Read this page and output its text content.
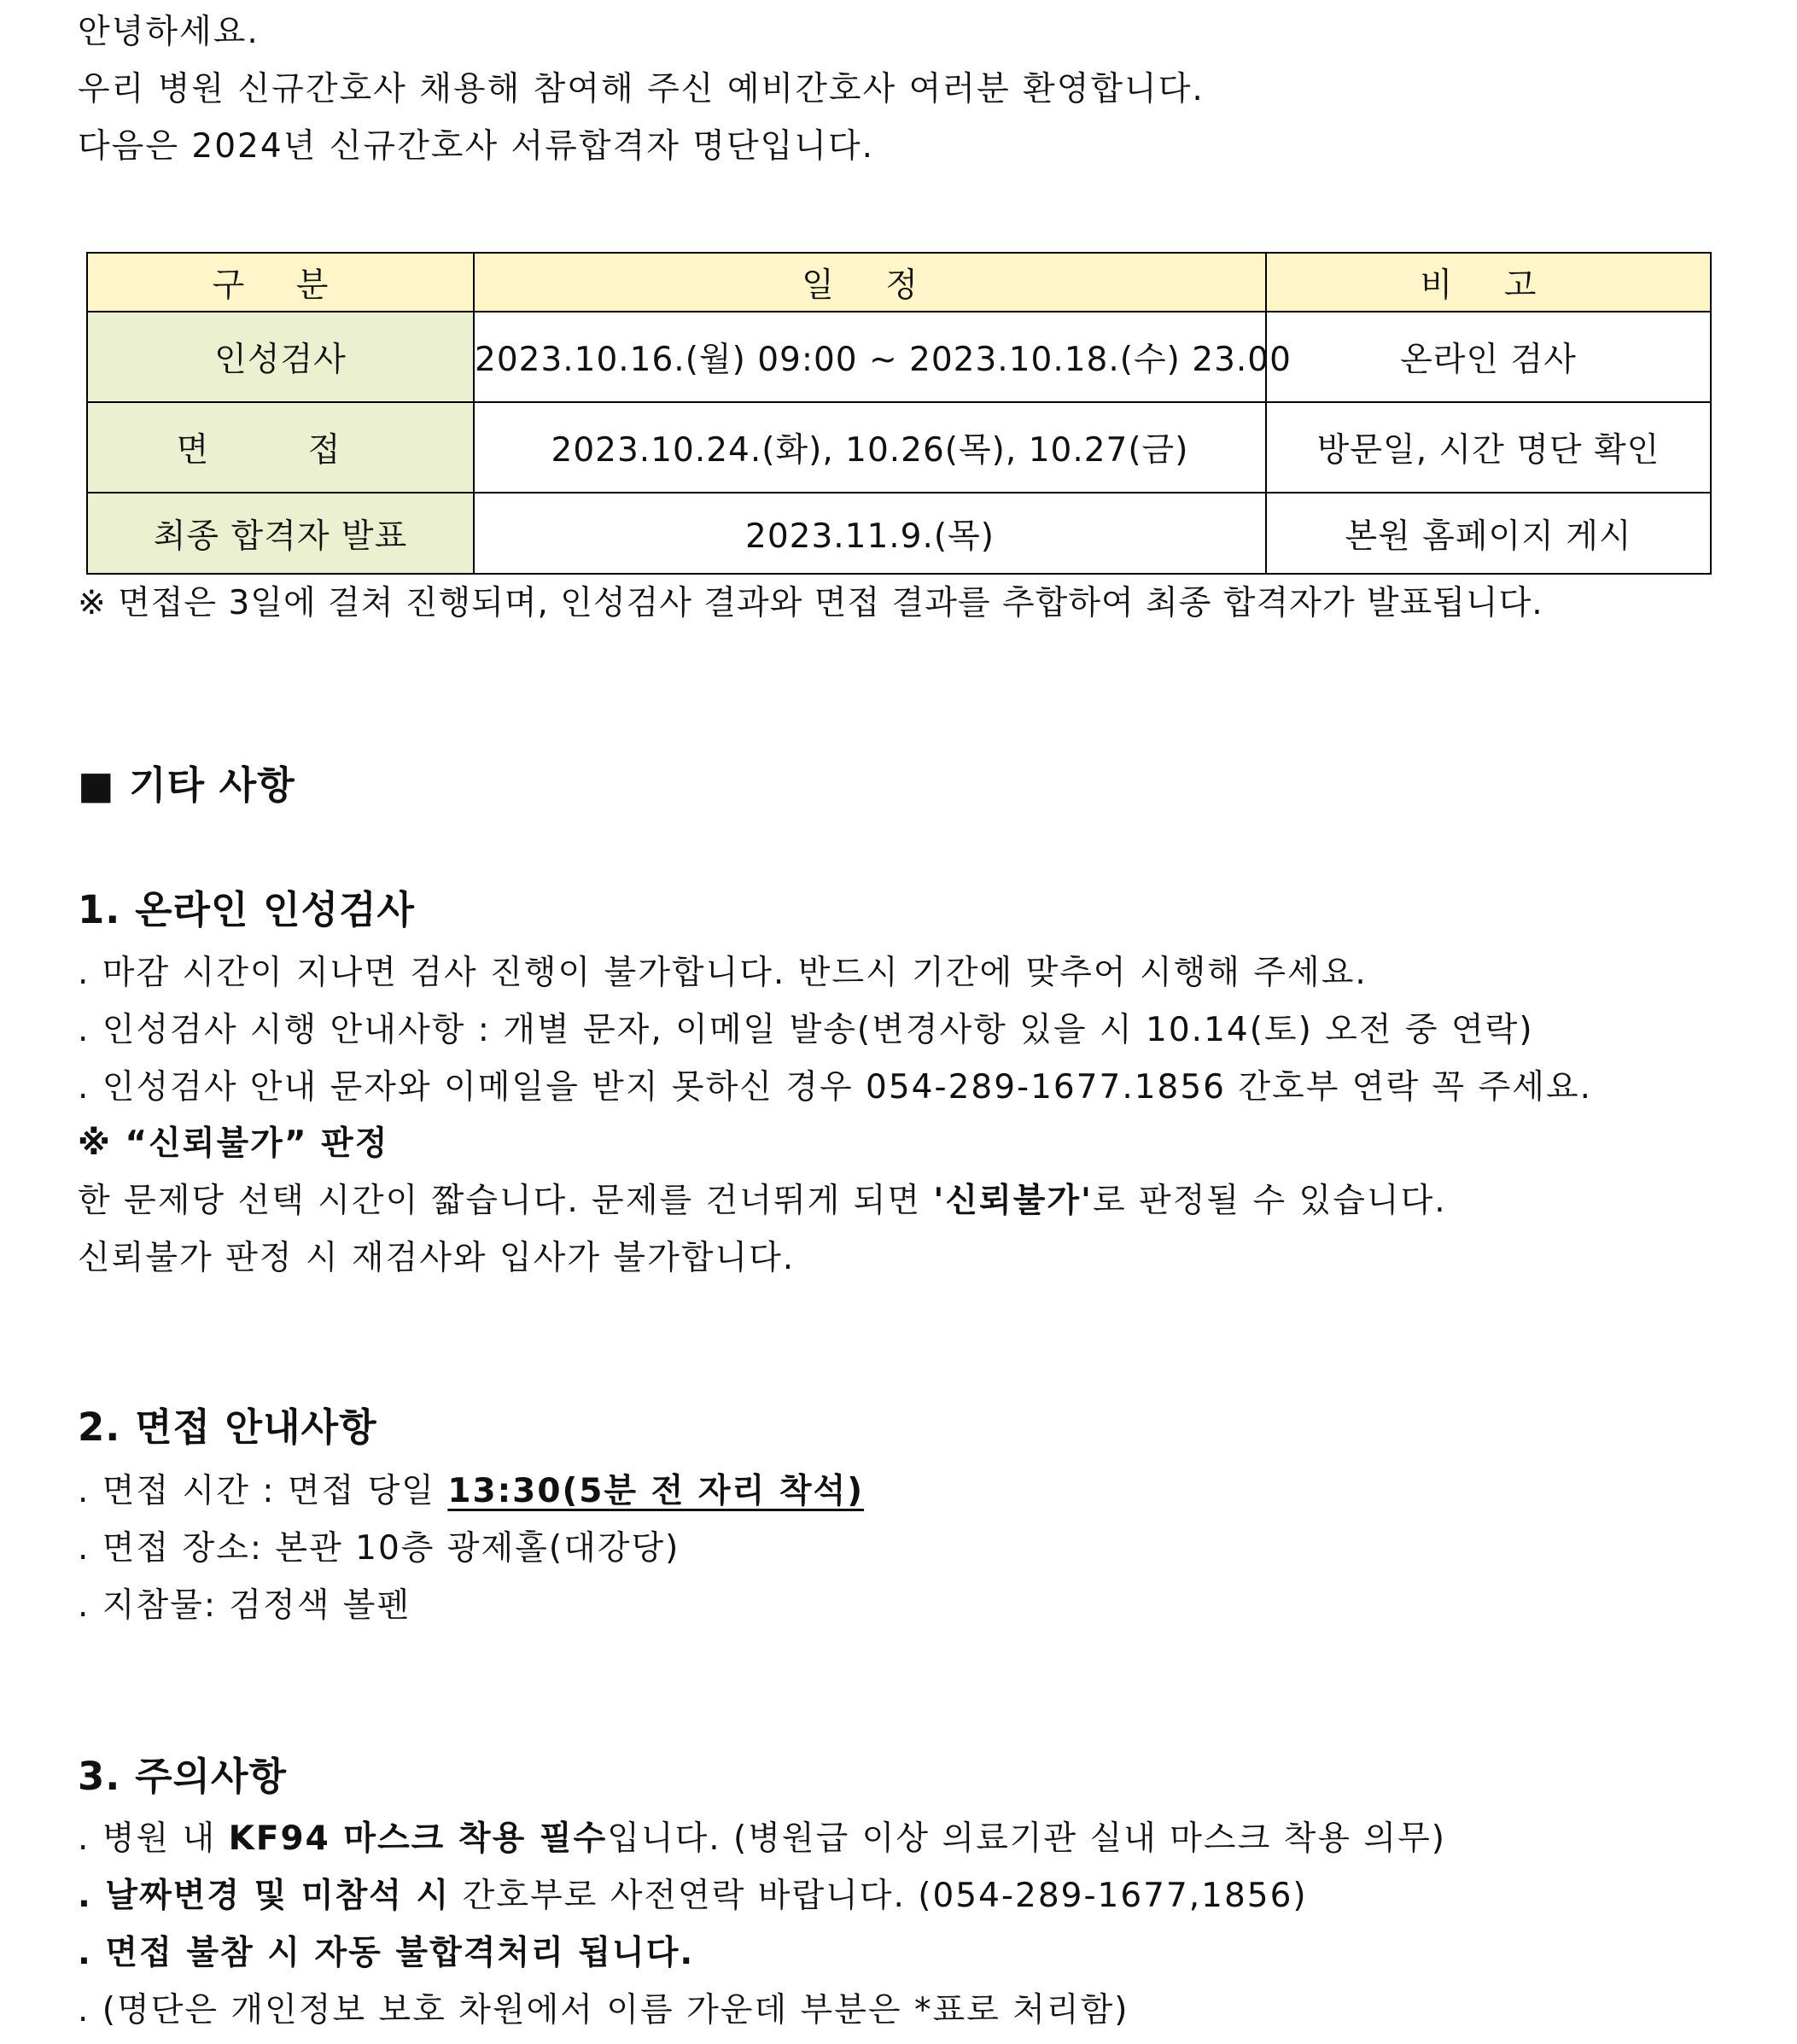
안녕하세요.

우리 병원 신규간호사 채용해 참여해 주신 예비간호사 여러분 환영합니다.

다음은 2024년 신규간호사 서류합격자 명단입니다.

구 분	일 정	비 고
인성검사	2023.10.16.(월) 09:00 ~ 2023.10.18.(수) 23.00	온라인 검사
면 접	2023.10.24.(화), 10.26(목), 10.27(금)	방문일, 시간 명단 확인
최종 합격자 발표	2023.11.9.(목)	본원 홈페이지 게시

※ 면접은 3일에 걸쳐 진행되며, 인성검사 결과와 면접 결과를 추합하여 최종 합격자가 발표됩니다.

■ 기타 사항

1. 온라인 인성검사

. 마감 시간이 지나면 검사 진행이 불가합니다. 반드시 기간에 맞추어 시행해 주세요.

. 인성검사 시행 안내사항 : 개별 문자, 이메일 발송(변경사항 있을 시 10.14(토) 오전 중 연락)

. 인성검사 안내 문자와 이메일을 받지 못하신 경우 054-289-1677.1856 간호부 연락 꼭 주세요.

※ “신뢰불가” 판정

한 문제당 선택 시간이 짧습니다. 문제를 건너뛰게 되면 '신뢰불가'로 판정될 수 있습니다.

신뢰불가 판정 시 재검사와 입사가 불가합니다.

2. 면접 안내사항

. 면접 시간 : 면접 당일 13:30(5분 전 자리 착석)

. 면접 장소: 본관 10층 광제홀(대강당)

. 지참물: 검정색 볼펜

3. 주의사항

. 병원 내 KF94 마스크 착용 필수입니다. (병원급 이상 의료기관 실내 마스크 착용 의무)

. 날짜변경 및 미참석 시 간호부로 사전연락 바랍니다. (054-289-1677,1856)

. 면접 불참 시 자동 불합격처리 됩니다.

. (명단은 개인정보 보호 차원에서 이름 가운데 부분은 *표로 처리함)
